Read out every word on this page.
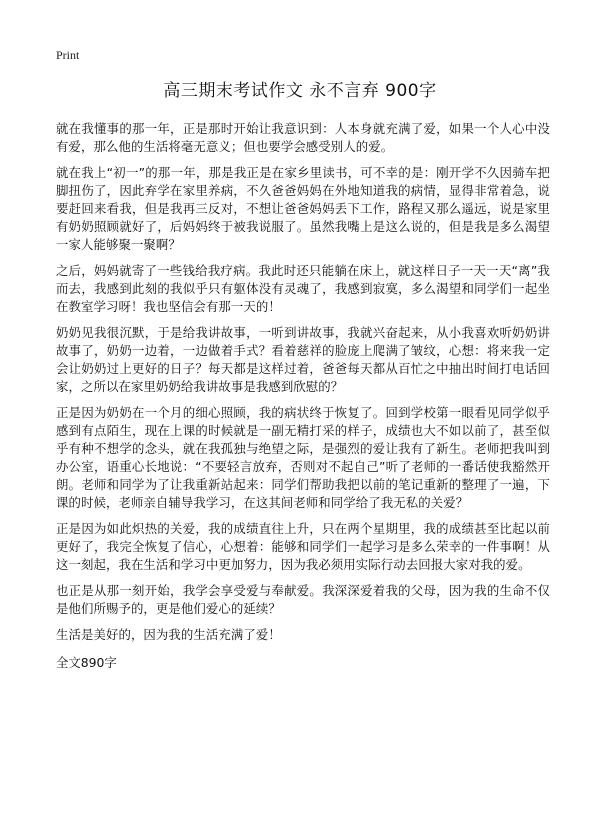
Print
高三期末考试作文 永不言弃 900字

就在我懂事的那一年，正是那时开始让我意识到：人本身就充满了爱，如果一个人心中没有爱，那么他的生活将毫无意义；但也要学会感受别人的爱。

就在我上“初一”的那一年，那是我正是在家乡里读书，可不幸的是：刚开学不久因骑车把脚扭伤了，因此弃学在家里养病，不久爸爸妈妈在外地知道我的病情，显得非常着急，说要赶回来看我，但是我再三反对，不想让爸爸妈妈丢下工作，路程又那么遥远，说是家里有奶奶照顾就好了，后妈妈终于被我说服了。虽然我嘴上是这么说的，但是我是多么渴望一家人能够聚一聚啊？

之后，妈妈就寄了一些钱给我疗病。我此时还只能躺在床上，就这样日子一天一天“离”我而去，我感到此刻的我似乎只有躯体没有灵魂了，我感到寂寞，多么渴望和同学们一起坐在教室学习呀！我也坚信会有那一天的！

奶奶见我很沉默，于是给我讲故事，一听到讲故事，我就兴奋起来，从小我喜欢听奶奶讲故事了，奶奶一边着，一边做着手式？看着慈祥的脸庞上爬满了皱纹，心想：将来我一定会让奶奶过上更好的日子？每天都是这样过着，爸爸每天都从百忙之中抽出时间打电话回家，之所以在家里奶奶给我讲故事是我感到欣慰的？

正是因为奶奶在一个月的细心照顾，我的病状终于恢复了。回到学校第一眼看见同学似乎感到有点陌生，现在上课的时候就是一副无精打采的样子，成绩也大不如以前了，甚至似乎有种不想学的念头，就在我孤独与绝望之际，是强烈的爱让我有了新生。老师把我叫到办公室，语重心长地说：“不要轻言放弃，否则对不起自己”听了老师的一番话使我豁然开朗。老师和同学为了让我重新站起来：同学们帮助我把以前的笔记重新的整理了一遍，下课的时候，老师亲自辅导我学习，在这其间老师和同学给了我无私的关爱？

正是因为如此炽热的关爱，我的成绩直往上升，只在两个星期里，我的成绩甚至比起以前更好了，我完全恢复了信心，心想着：能够和同学们一起学习是多么荣幸的一件事啊！从这一刻起，我在生活和学习中更加努力，因为我必须用实际行动去回报大家对我的爱。

也正是从那一刻开始，我学会享受爱与奉献爱。我深深爱着我的父母，因为我的生命不仅是他们所赐予的，更是他们爱心的延续？

生活是美好的，因为我的生活充满了爱！

全文890字
